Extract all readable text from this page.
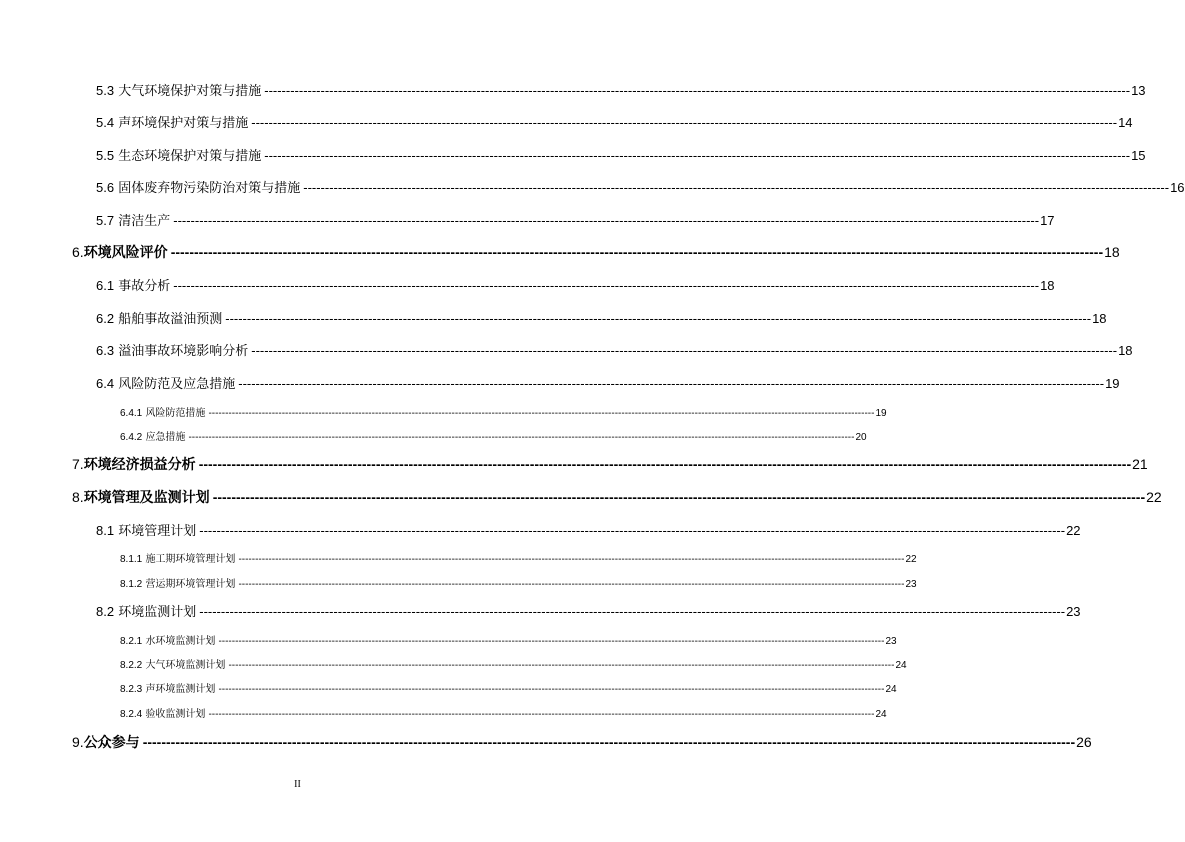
5.3 大气环境保护对策与措施 -------------------------------------------------------------------------------------------------------------------------------------------------------------------------------------------------------- 13
5.4 声环境保护对策与措施 -------------------------------------------------------------------------------------------------------------------------------------------------------------------------------------------------------- 14
5.5 生态环境保护对策与措施 -------------------------------------------------------------------------------------------------------------------------------------------------------------------------------------------------------- 15
5.6 固体废弃物污染防治对策与措施 -------------------------------------------------------------------------------------------------------------------------------------------------------------------------------------------------------- 16
5.7 清洁生产 -------------------------------------------------------------------------------------------------------------------------------------------------------------------------------------------------------- 17
6.环境风险评价 -------------------------------------------------------------------------------------------------------------------------------------------------------------------------------------------------------- 18
6.1 事故分析 -------------------------------------------------------------------------------------------------------------------------------------------------------------------------------------------------------- 18
6.2 船舶事故溢油预测 -------------------------------------------------------------------------------------------------------------------------------------------------------------------------------------------------------- 18
6.3 溢油事故环境影响分析 -------------------------------------------------------------------------------------------------------------------------------------------------------------------------------------------------------- 18
6.4 风险防范及应急措施 -------------------------------------------------------------------------------------------------------------------------------------------------------------------------------------------------------- 19
6.4.1 风险防范措施 -------------------------------------------------------------------------------------------------------------------------------------------------------------------------------------------------------- 19
6.4.2 应急措施 -------------------------------------------------------------------------------------------------------------------------------------------------------------------------------------------------------- 20
7.环境经济损益分析 -------------------------------------------------------------------------------------------------------------------------------------------------------------------------------------------------------- 21
8.环境管理及监测计划 -------------------------------------------------------------------------------------------------------------------------------------------------------------------------------------------------------- 22
8.1 环境管理计划 -------------------------------------------------------------------------------------------------------------------------------------------------------------------------------------------------------- 22
8.1.1 施工期环境管理计划 -------------------------------------------------------------------------------------------------------------------------------------------------------------------------------------------------------- 22
8.1.2 营运期环境管理计划 -------------------------------------------------------------------------------------------------------------------------------------------------------------------------------------------------------- 23
8.2 环境监测计划 -------------------------------------------------------------------------------------------------------------------------------------------------------------------------------------------------------- 23
8.2.1 水环境监测计划 -------------------------------------------------------------------------------------------------------------------------------------------------------------------------------------------------------- 23
8.2.2 大气环境监测计划 -------------------------------------------------------------------------------------------------------------------------------------------------------------------------------------------------------- 24
8.2.3 声环境监测计划 -------------------------------------------------------------------------------------------------------------------------------------------------------------------------------------------------------- 24
8.2.4 验收监测计划 -------------------------------------------------------------------------------------------------------------------------------------------------------------------------------------------------------- 24
9.公众参与 -------------------------------------------------------------------------------------------------------------------------------------------------------------------------------------------------------- 26
II
